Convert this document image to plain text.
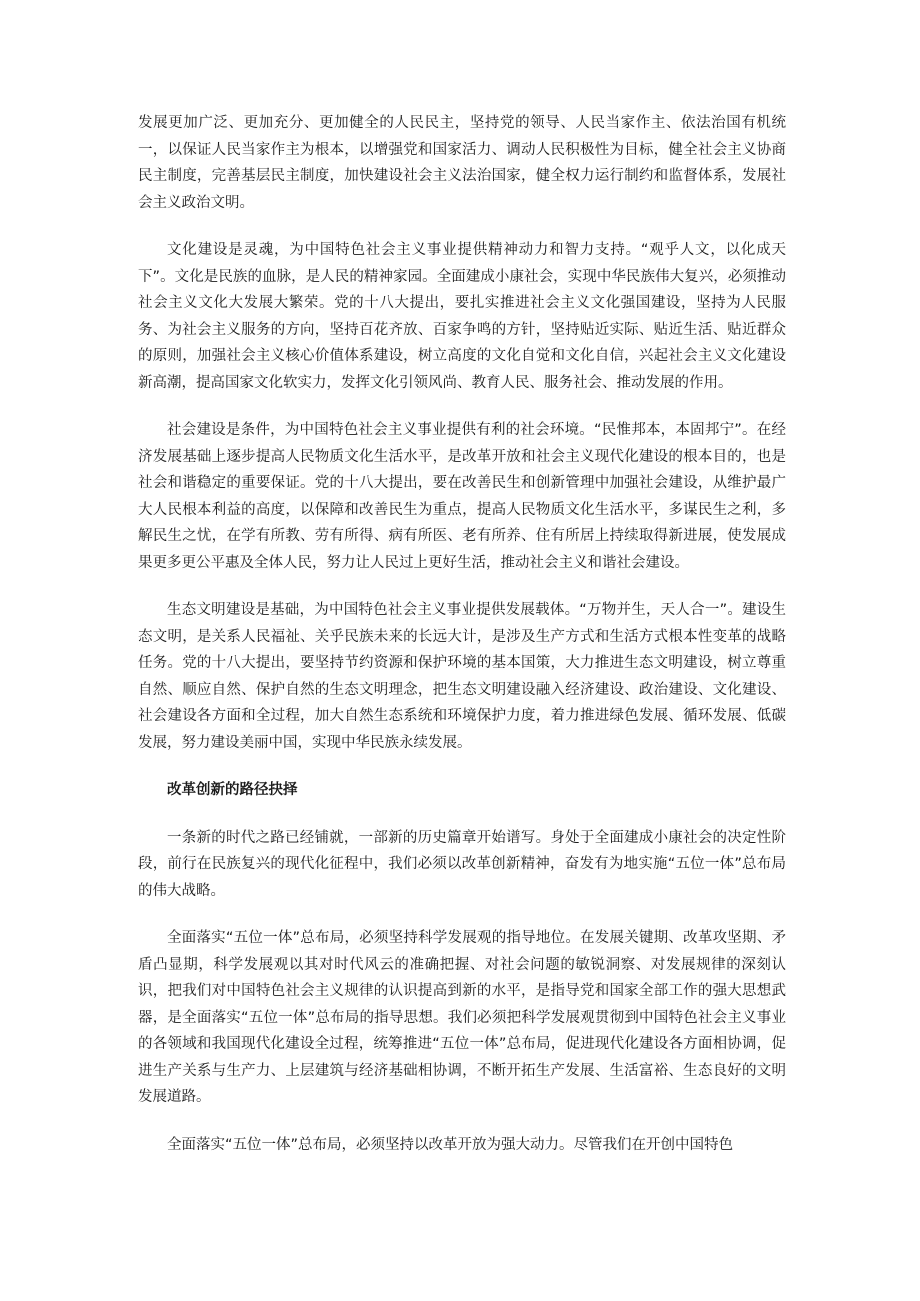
发展更加广泛、更加充分、更加健全的人民民主，坚持党的领导、人民当家作主、依法治国有机统一，以保证人民当家作主为根本，以增强党和国家活力、调动人民积极性为目标，健全社会主义协商民主制度，完善基层民主制度，加快建设社会主义法治国家，健全权力运行制约和监督体系，发展社会主义政治文明。

文化建设是灵魂，为中国特色社会主义事业提供精神动力和智力支持。“观乎人文，以化成天下”。文化是民族的血脉，是人民的精神家园。全面建成小康社会，实现中华民族伟大复兴，必须推动社会主义文化大发展大繁荣。党的十八大提出，要扎实推进社会主义文化强国建设，坚持为人民服务、为社会主义服务的方向，坚持百花齐放、百家争鸣的方针，坚持贴近实际、贴近生活、贴近群众的原则，加强社会主义核心价值体系建设，树立高度的文化自觉和文化自信，兴起社会主义文化建设新高潮，提高国家文化软实力，发挥文化引领风尚、教育人民、服务社会、推动发展的作用。

社会建设是条件，为中国特色社会主义事业提供有利的社会环境。“民惟邦本，本固邦宁”。在经济发展基础上逐步提高人民物质文化生活水平，是改革开放和社会主义现代化建设的根本目的，也是社会和谐稳定的重要保证。党的十八大提出，要在改善民生和创新管理中加强社会建设，从维护最广大人民根本利益的高度，以保障和改善民生为重点，提高人民物质文化生活水平，多谋民生之利，多解民生之忧，在学有所教、劳有所得、病有所医、老有所养、住有所居上持续取得新进展，使发展成果更多更公平惠及全体人民，努力让人民过上更好生活，推动社会主义和谐社会建设。

生态文明建设是基础，为中国特色社会主义事业提供发展载体。“万物并生，天人合一”。建设生态文明，是关系人民福祉、关乎民族未来的长远大计，是涉及生产方式和生活方式根本性变革的战略任务。党的十八大提出，要坚持节约资源和保护环境的基本国策，大力推进生态文明建设，树立尊重自然、顺应自然、保护自然的生态文明理念，把生态文明建设融入经济建设、政治建设、文化建设、社会建设各方面和全过程，加大自然生态系统和环境保护力度，着力推进绿色发展、循环发展、低碳发展，努力建设美丽中国，实现中华民族永续发展。

改革创新的路径抉择

一条新的时代之路已经铺就，一部新的历史篇章开始谱写。身处于全面建成小康社会的决定性阶段，前行在民族复兴的现代化征程中，我们必须以改革创新精神，奋发有为地实施“五位一体”总布局的伟大战略。

全面落实“五位一体”总布局，必须坚持科学发展观的指导地位。在发展关键期、改革攻坚期、矛盾凸显期，科学发展观以其对时代风云的准确把握、对社会问题的敏锐洞察、对发展规律的深刻认识，把我们对中国特色社会主义规律的认识提高到新的水平，是指导党和国家全部工作的强大思想武器，是全面落实“五位一体”总布局的指导思想。我们必须把科学发展观贯彻到中国特色社会主义事业的各领域和我国现代化建设全过程，统筹推进“五位一体”总布局，促进现代化建设各方面相协调，促进生产关系与生产力、上层建筑与经济基础相协调，不断开拓生产发展、生活富裕、生态良好的文明发展道路。

全面落实“五位一体”总布局，必须坚持以改革开放为强大动力。尽管我们在开创中国特色
